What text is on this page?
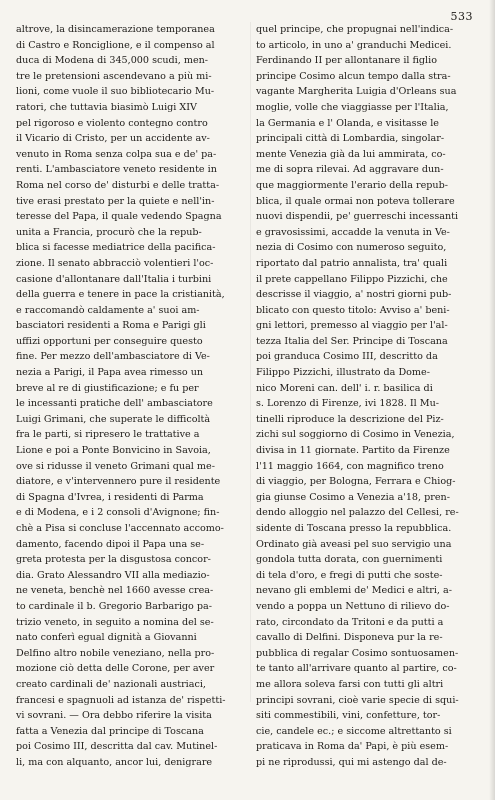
533
altrove, la disincamerazione temporanea
di Castro e Ronciglione, e il compenso al
duca di Modena di 345,000 scudi, men-
tre le pretensioni ascendevano a più mi-
lioni, come vuole il suo bibliotecario Mu-
ratori, che tuttavia biasimò Luigi XIV
pel rigoroso e violento contegno contro
il Vicario di Cristo, per un accidente av-
venuto in Roma senza colpa sua e de' pa-
renti. L'ambasciatore veneto residente in
Roma nel corso de' disturbi e delle tratta-
tive erasi prestato per la quiete e nell'in-
teresse del Papa, il quale vedendo Spagna
unita a Francia, procurò che la repub-
blica si facesse mediatrice della pacifica-
zione. Il senato abbracciò volentieri l'oc-
casione d'allontanare dall'Italia i turbini
della guerra e tenere in pace la cristianità,
e raccomandò caldamente a' suoi am-
basciatori residenti a Roma e Parigi gli
uffizi opportuni per conseguire questo
fine. Per mezzo dell'ambasciatore di Ve-
nezia a Parigi, il Papa avea rimesso un
breve al re di giustificazione; e fu per
le incessanti pratiche dell' ambasciatore
Luigi Grimani, che superate le difficoltà
fra le parti, si ripresero le trattative a
Lione e poi a Ponte Bonvicino in Savoia,
ove si ridusse il veneto Grimani qual me-
diatore, e v'intervennero pure il residente
di Spagna d'Ivrea, i residenti di Parma
e di Modena, e i 2 consoli d'Avignone; fin-
chè a Pisa si concluse l'accennato accomo-
damento, facendo dipoi il Papa una se-
greta protesta per la disgustosa concor-
dia. Grato Alessandro VII alla mediazio-
ne veneta, benchè nel 1660 avesse crea-
to cardinale il b. Gregorio Barbarigo pa-
trizio veneto, in seguito a nomina del se-
nato conferì egual dignità a Giovanni
Delfino altro nobile veneziano, nella pro-
mozione ciò detta delle Corone, per aver
creato cardinali de' nazionali austriaci,
francesi e spagnuoli ad istanza de' rispetti-
vi sovrani. — Ora debbo riferire la visita
fatta a Venezia dal principe di Toscana
poi Cosimo III, descritta dal cav. Mutinel-
li, ma con alquanto, ancor lui, denigrare
quel principe, che propugnai nell'indica-
to articolo, in uno a' granduchi Medicei.
Ferdinando II per allontanare il figlio
principe Cosimo alcun tempo dalla stra-
vagante Margherita Luigia d'Orleans sua
moglie, volle che viaggiasse per l'Italia,
la Germania e l' Olanda, e visitasse le
principali città di Lombardia, singolar-
mente Venezia già da lui ammirata, co-
me di sopra rilevai. Ad aggravare dun-
que maggiormente l'erario della repub-
blica, il quale ormai non poteva tollerare
nuovi dispendii, pe' guerreschi incessanti
e gravosissimi, accadde la venuta in Ve-
nezia di Cosimo con numeroso seguito,
riportato dal patrio annalista, tra' quali
il prete cappellano Filippo Pizzichi, che
descrisse il viaggio, a' nostri giorni pub-
blicato con questo titolo: Avviso a' beni-
gni lettori, premesso al viaggio per l'al-
tezza Italia del Ser. Principe di Toscana
poi granduca Cosimo III, descritto da
Filippo Pizzichi, illustrato da Dome-
nico Moreni can. dell' i. r. basilica di
s. Lorenzo di Firenze, ivi 1828. Il Mu-
tinelli riproduce la descrizione del Piz-
zichi sul soggiorno di Cosimo in Venezia,
divisa in 11 giornate. Partito da Firenze
l'11 maggio 1664, con magnifico treno
di viaggio, per Bologna, Ferrara e Chiog-
gia giunse Cosimo a Venezia a'18, pren-
dendo alloggio nel palazzo del Cellesi, re-
sidente di Toscana presso la repubblica.
Ordinato già aveasi pel suo servigio una
gondola tutta dorata, con guernimenti
di tela d'oro, e fregi di putti che soste-
nevano gli emblemi de' Medici e altri, a-
vendo a poppa un Nettuno di rilievo do-
rato, circondato da Tritoni e da putti a
cavallo di Delfini. Disponeva pur la re-
pubblica di regalar Cosimo sontuosamen-
te tanto all'arrivare quanto al partire, co-
me allora soleva farsi con tutti gli altri
principi sovrani, cioè varie specie di squi-
siti commestibili, vini, confetture, tor-
cie, candele ec.; e siccome altrettanto si
praticava in Roma da' Papi, è più esem-
pi ne riprodussi, qui mi astengo dal de-
